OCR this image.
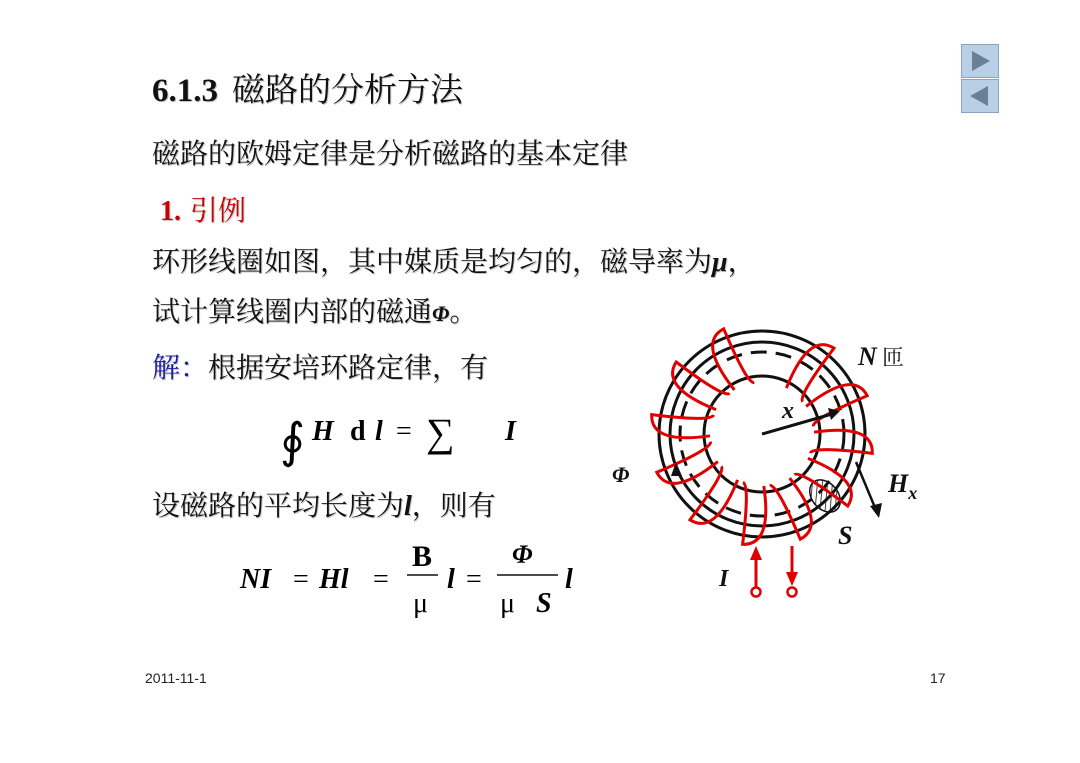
6.1.3 磁路的分析方法
磁路的欧姆定律是分析磁路的基本定律
1. 引例
环形线圈如图，其中媒质是均匀的，磁导率为μ，
试计算线圈内部的磁通Φ。
解：根据安培环路定律，有
设磁路的平均长度为l，则有
∮ H d l = ∑ I
NI = Hl =
B
μ
l =
Φ
μ S
l
N 匝
x
Φ	$H_x$
S
I
2011-11-1	17
